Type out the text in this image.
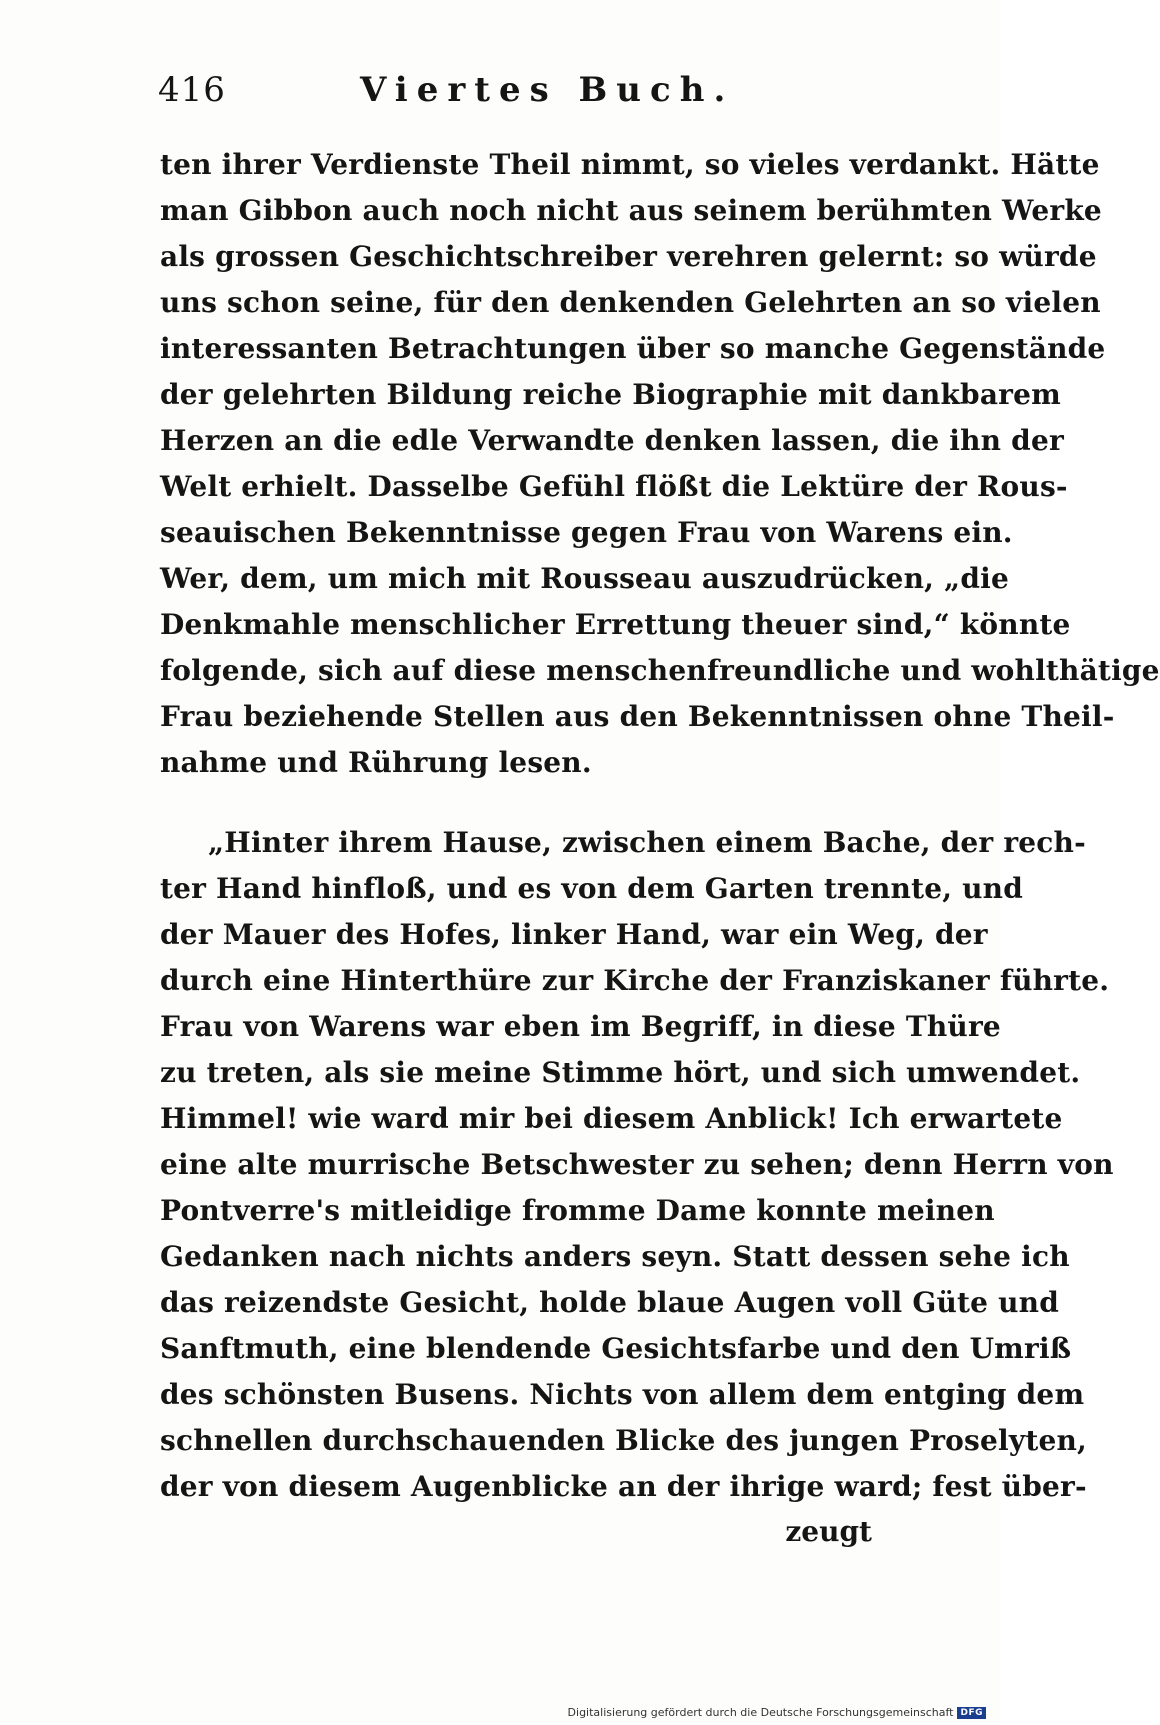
416	Viertes Buch.
ten ihrer Verdienste Theil nimmt, so vieles verdankt. Hätte
man Gibbon auch noch nicht aus seinem berühmten Werke
als grossen Geschichtschreiber verehren gelernt: so würde
uns schon seine, für den denkenden Gelehrten an so vielen
interessanten Betrachtungen über so manche Gegenstände
der gelehrten Bildung reiche Biographie mit dankbarem
Herzen an die edle Verwandte denken lassen, die ihn der
Welt erhielt. Dasselbe Gefühl flößt die Lektüre der Rous-
seauischen Bekenntnisse gegen Frau von Warens ein.
Wer, dem, um mich mit Rousseau auszudrücken, „die
Denkmahle menschlicher Errettung theuer sind,“ könnte
folgende, sich auf diese menschenfreundliche und wohlthätige
Frau beziehende Stellen aus den Bekenntnissen ohne Theil-
nahme und Rührung lesen.
„Hinter ihrem Hause, zwischen einem Bache, der rech-
ter Hand hinfloß, und es von dem Garten trennte, und
der Mauer des Hofes, linker Hand, war ein Weg, der
durch eine Hinterthüre zur Kirche der Franziskaner führte.
Frau von Warens war eben im Begriff, in diese Thüre
zu treten, als sie meine Stimme hört, und sich umwendet.
Himmel! wie ward mir bei diesem Anblick! Ich erwartete
eine alte murrische Betschwester zu sehen; denn Herrn von
Pontverre's mitleidige fromme Dame konnte meinen
Gedanken nach nichts anders seyn. Statt dessen sehe ich
das reizendste Gesicht, holde blaue Augen voll Güte und
Sanftmuth, eine blendende Gesichtsfarbe und den Umriß
des schönsten Busens. Nichts von allem dem entging dem
schnellen durchschauenden Blicke des jungen Proselyten,
der von diesem Augenblicke an der ihrige ward; fest über-
zeugt
Digitalisierung gefördert durch die Deutsche Forschungsgemeinschaft DFG
